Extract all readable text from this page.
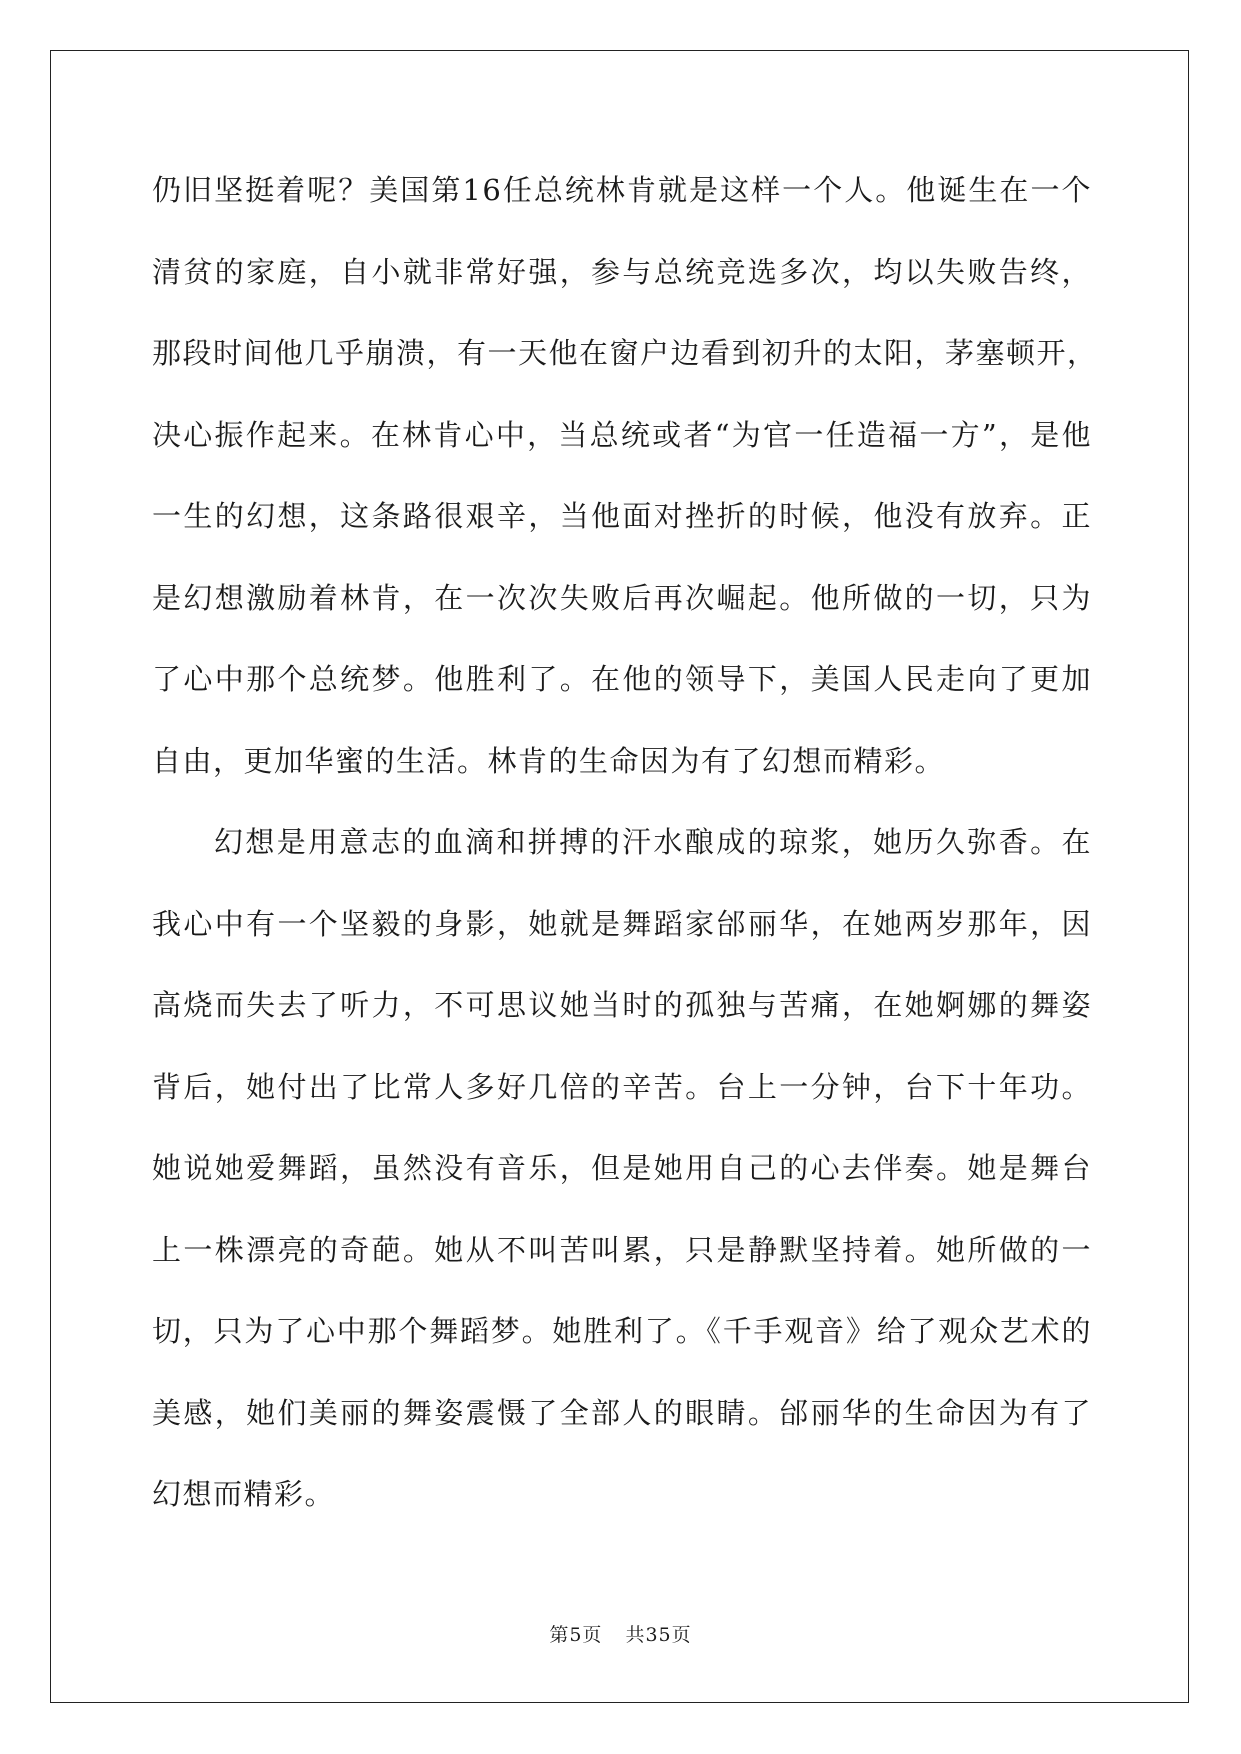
仍旧坚挺着呢？美国第16任总统林肯就是这样一个人。他诞生在一个
清贫的家庭，自小就非常好强，参与总统竞选多次，均以失败告终，
那段时间他几乎崩溃，有一天他在窗户边看到初升的太阳，茅塞顿开，
决心振作起来。在林肯心中，当总统或者“为官一任造福一方”，是他
一生的幻想，这条路很艰辛，当他面对挫折的时候，他没有放弃。正
是幻想激励着林肯，在一次次失败后再次崛起。他所做的一切，只为
了心中那个总统梦。他胜利了。在他的领导下，美国人民走向了更加
自由，更加华蜜的生活。林肯的生命因为有了幻想而精彩。
幻想是用意志的血滴和拼搏的汗水酿成的琼浆，她历久弥香。在
我心中有一个坚毅的身影，她就是舞蹈家邰丽华，在她两岁那年，因
高烧而失去了听力，不可思议她当时的孤独与苦痛，在她婀娜的舞姿
背后，她付出了比常人多好几倍的辛苦。台上一分钟，台下十年功。
她说她爱舞蹈，虽然没有音乐，但是她用自己的心去伴奏。她是舞台
上一株漂亮的奇葩。她从不叫苦叫累，只是静默坚持着。她所做的一
切，只为了心中那个舞蹈梦。她胜利了。《千手观音》给了观众艺术的
美感，她们美丽的舞姿震慑了全部人的眼睛。邰丽华的生命因为有了
幻想而精彩。
第5页 共35页
